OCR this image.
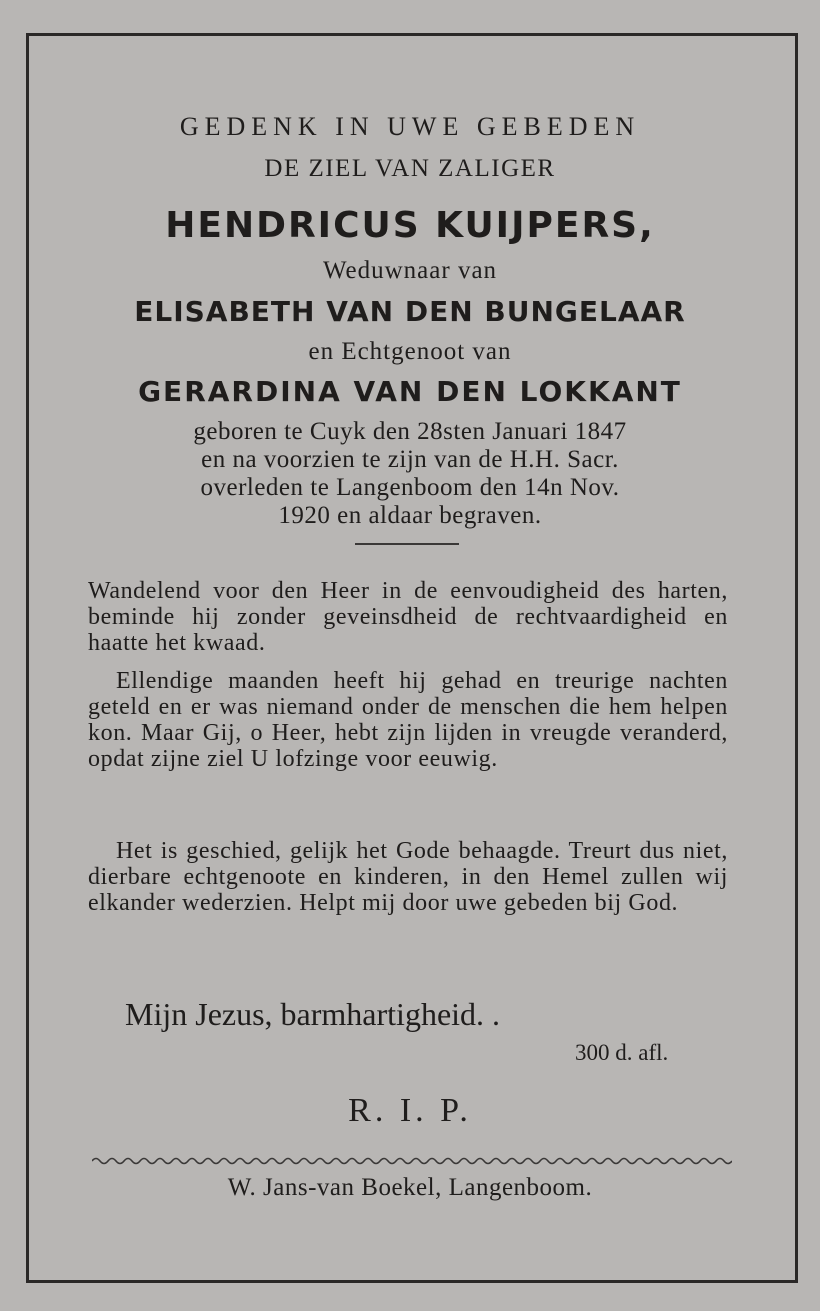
GEDENK IN UWE GEBEDEN
DE ZIEL VAN ZALIGER
HENDRICUS KUIJPERS,
Weduwnaar van
ELISABETH VAN DEN BUNGELAAR
en Echtgenoot van
GERARDINA VAN DEN LOKKANT
geboren te Cuyk den 28sten Januari 1847
en na voorzien te zijn van de H.H. Sacr.
overleden te Langenboom den 14n Nov.
1920 en aldaar begraven.
Wandelend voor den Heer in de eenvoudigheid des harten, beminde hij zonder geveinsdheid de rechtvaardigheid en haatte het kwaad.
Ellendige maanden heeft hij gehad en treurige nachten geteld en er was niemand onder de menschen die hem helpen kon. Maar Gij, o Heer, hebt zijn lijden in vreugde veranderd, opdat zijne ziel U lofzinge voor eeuwig.
Het is geschied, gelijk het Gode behaagde. Treurt dus niet, dierbare echtgenoote en kinderen, in den Hemel zullen wij elkander wederzien. Helpt mij door uwe gebeden bij God.
Mijn Jezus, barmhartigheid. .
300 d. afl.
R. I. P.
W. Jans-van Boekel, Langenboom.
